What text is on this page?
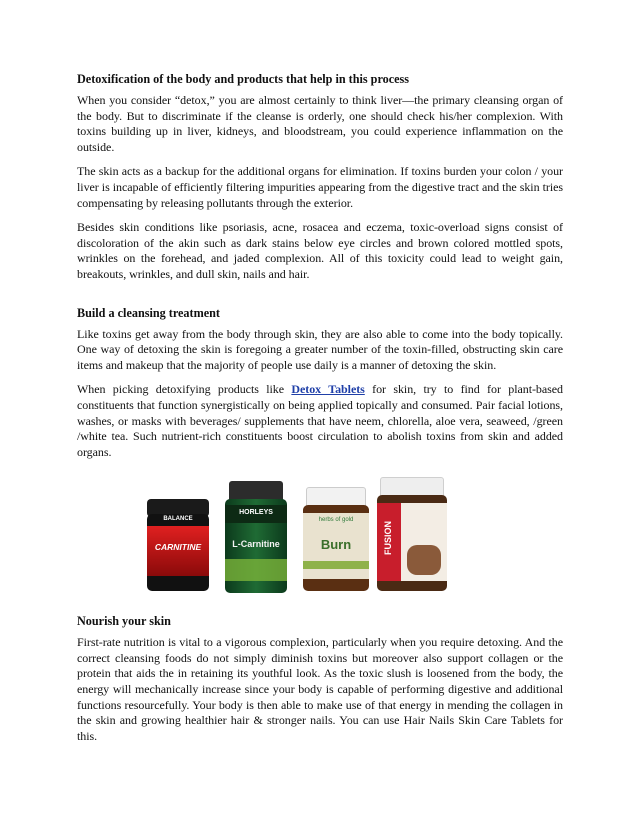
Detoxification of the body and products that help in this process

When you consider “detox,” you are almost certainly to think liver—the primary cleansing organ of the body. But to discriminate if the cleanse is orderly, one should check his/her complexion. With toxins building up in liver, kidneys, and bloodstream, you could experience inflammation on the outside.

The skin acts as a backup for the additional organs for elimination. If toxins burden your colon / your liver is incapable of efficiently filtering impurities appearing from the digestive tract and the skin tries compensating by releasing pollutants through the exterior.

Besides skin conditions like psoriasis, acne, rosacea and eczema, toxic-overload signs consist of discoloration of the akin such as dark stains below eye circles and brown colored mottled spots, wrinkles on the forehead, and jaded complexion. All of this toxicity could lead to weight gain, breakouts, wrinkles, and dull skin, nails and hair.

Build a cleansing treatment

Like toxins get away from the body through skin, they are also able to come into the body topically. One way of detoxing the skin is foregoing a greater number of the toxin-filled, obstructing skin care items and makeup that the majority of people use daily is a manner of detoxing the skin.

When picking detoxifying products like Detox Tablets for skin, try to find for plant-based constituents that function synergistically on being applied topically and consumed. Pair facial lotions, washes, or masks with beverages/ supplements that have neem, chlorella, aloe vera, seaweed, /green /white tea. Such nutrient-rich constituents boost circulation to abolish toxins from skin and added organs.

BALANCE
CARNITINE
HORLEYS
L-Carnitine
herbs of gold
Burn	FUSION
Nourish your skin

First-rate nutrition is vital to a vigorous complexion, particularly when you require detoxing. And the correct cleansing foods do not simply diminish toxins but moreover also support collagen or the protein that aids the in retaining its youthful look. As the toxic slush is loosened from the body, the energy will mechanically increase since your body is capable of performing digestive and additional functions resourcefully. Your body is then able to make use of that energy in mending the collagen in the skin and growing healthier hair & stronger nails. You can use Hair Nails Skin Care Tablets for this.
